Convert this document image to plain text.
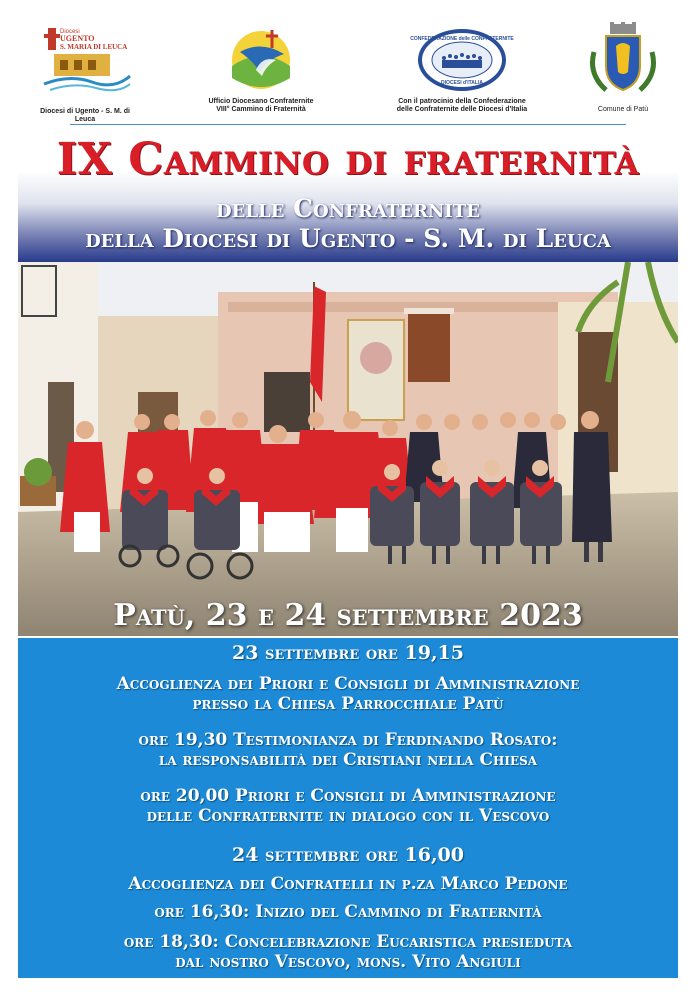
Diocesi
UGENTO
S. MARIA DI LEUCA
Diocesi di Ugento - S. M. di Leuca
Ufficio Diocesano Confraternite
VIII° Cammino di Fraternità
CONFEDERAZIONE delle CONFRATERNITE
DIOCESI d'ITALIA
Con il patrocinio della Confederazione
delle Confraternite delle Diocesi d'Italia	Comune di Patù
IX Cammino di fraternità
delle Confraternite
della Diocesi di Ugento - S. M. di Leuca
Patù, 23 e 24 settembre 2023
23 settembre ore 19,15
Accoglienza dei Priori e Consigli di Amministrazione
presso la Chiesa Parrocchiale Patù
ore 19,30 Testimonianza di Ferdinando Rosato:
la responsabilità dei Cristiani nella Chiesa
ore 20,00 Priori e Consigli di Amministrazione
delle Confraternite in dialogo con il Vescovo
24 settembre ore 16,00
Accoglienza dei Confratelli in p.za Marco Pedone
ore 16,30: Inizio del Cammino di Fraternità
ore 18,30: Concelebrazione Eucaristica presieduta
dal nostro Vescovo, mons. Vito Angiuli
